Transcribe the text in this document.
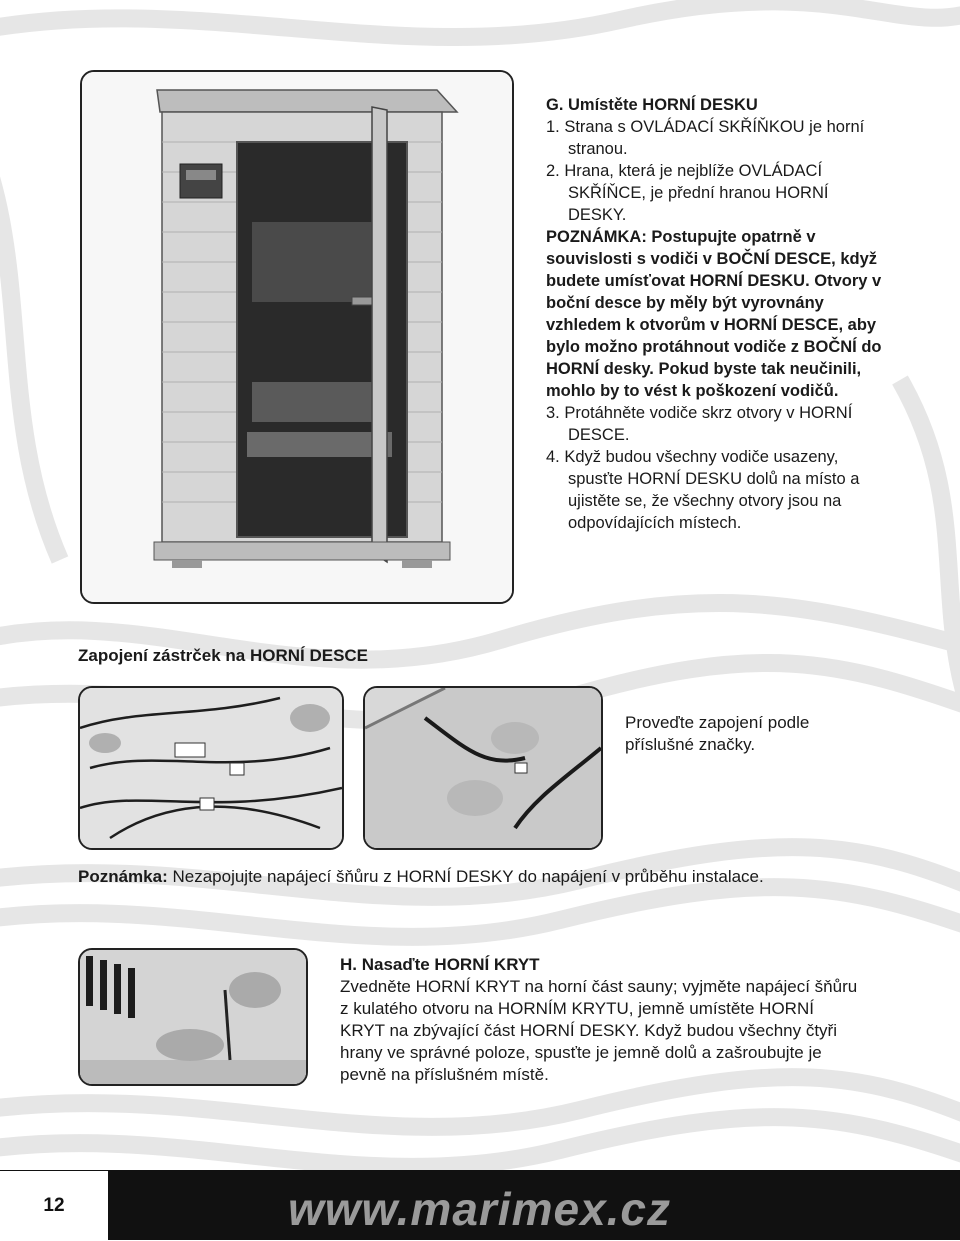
G. Umístěte HORNÍ DESKU

1. Strana s OVLÁDACÍ SKŘÍŇKOU je horní stranou.

2. Hrana, která je nejblíže OVLÁDACÍ SKŘÍŇCE, je přední hranou HORNÍ DESKY.

POZNÁMKA: Postupujte opatrně v souvislosti s vodiči v BOČNÍ DESCE, když budete umísťovat HORNÍ DESKU. Otvory v boční desce by měly být vyrovnány vzhledem k otvorům v HORNÍ DESCE, aby bylo možno protáhnout vodiče z BOČNÍ do HORNÍ desky. Pokud byste tak neučinili, mohlo by to vést k poškození vodičů.

3. Protáhněte vodiče skrz otvory v HORNÍ DESCE.

4. Když budou všechny vodiče usazeny, spusťte HORNÍ DESKU dolů na místo a ujistěte se, že všechny otvory jsou na odpovídajících místech.

Zapojení zástrček na HORNÍ DESCE
Proveďte zapojení podle příslušné značky.
Poznámka: Nezapojujte napájecí šňůru z HORNÍ DESKY do napájení v průběhu instalace.

H. Nasaďte HORNÍ KRYT

Zvedněte HORNÍ KRYT na horní část sauny; vyjměte napájecí šňůru z kulatého otvoru na HORNÍM KRYTU, jemně umístěte HORNÍ KRYT na zbývající část HORNÍ DESKY. Když budou všechny čtyři hrany ve správné poloze, spusťte je jemně dolů a zašroubujte je pevně na příslušném místě.

12	www.marimex.cz
